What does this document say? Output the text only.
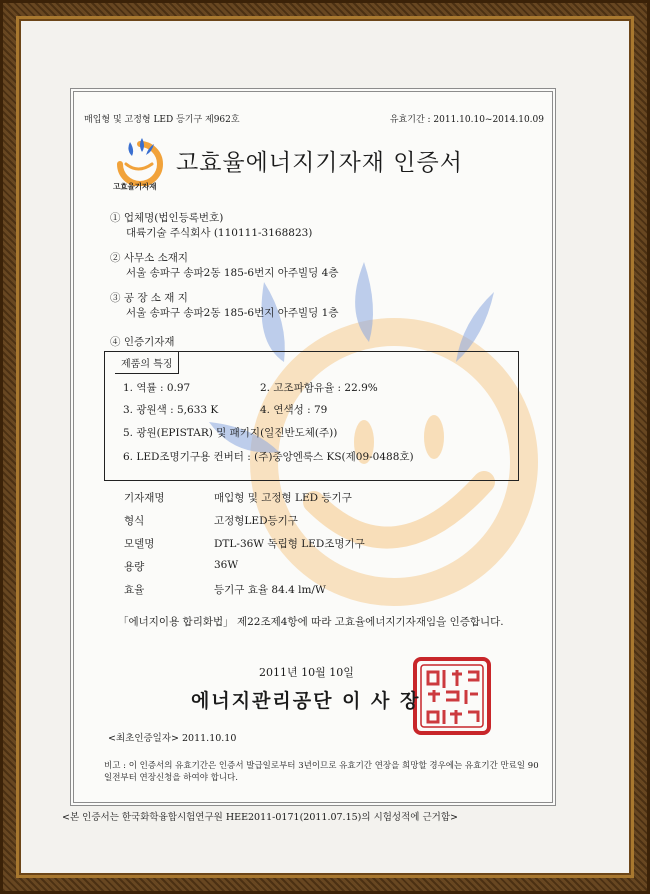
매입형 및 고정형 LED 등기구 제962호	유효기간 : 2011.10.10~2014.10.09
고효율기자재
고효율에너지기자재 인증서
① 업체명(법인등록번호)
대륙기술 주식회사 (110111-3168823)
② 사무소 소재지
서울 송파구 송파2동 185-6번지 아주빌딩 4층
③ 공 장 소 재 지
서울 송파구 송파2동 185-6번지 아주빌딩 1층
④ 인증기자재
제품의 특징
1. 역률 : 0.97	2. 고조파함유율 : 22.9%
3. 광원색 : 5,633 K	4. 연색성 : 79
5. 광원(EPISTAR) 및 패키지(일진반도체(주))
6. LED조명기구용 컨버터 : (주)중앙엔룩스 KS(제09-0488호)
기자재명	매입형 및 고정형 LED 등기구
형식	고정형LED등기구
모델명	DTL-36W 독립형 LED조명기구
용량	36W
효율	등기구 효율 84.4 lm/W
「에너지이용 합리화법」 제22조제4항에 따라 고효율에너지기자재임을 인증합니다.
2011년 10월 10일
에너지관리공단 이 사 장
<최초인증일자> 2011.10.10
비고 : 이 인증서의 유효기간은 인증서 발급일로부터 3년이므로 유효기간 연장을 희망할 경우에는 유효기간 만료일 90일전부터 연장신청을 하여야 합니다.
<본 인증서는 한국화학융합시험연구원 HEE2011-0171(2011.07.15)의 시험성적에 근거함>
